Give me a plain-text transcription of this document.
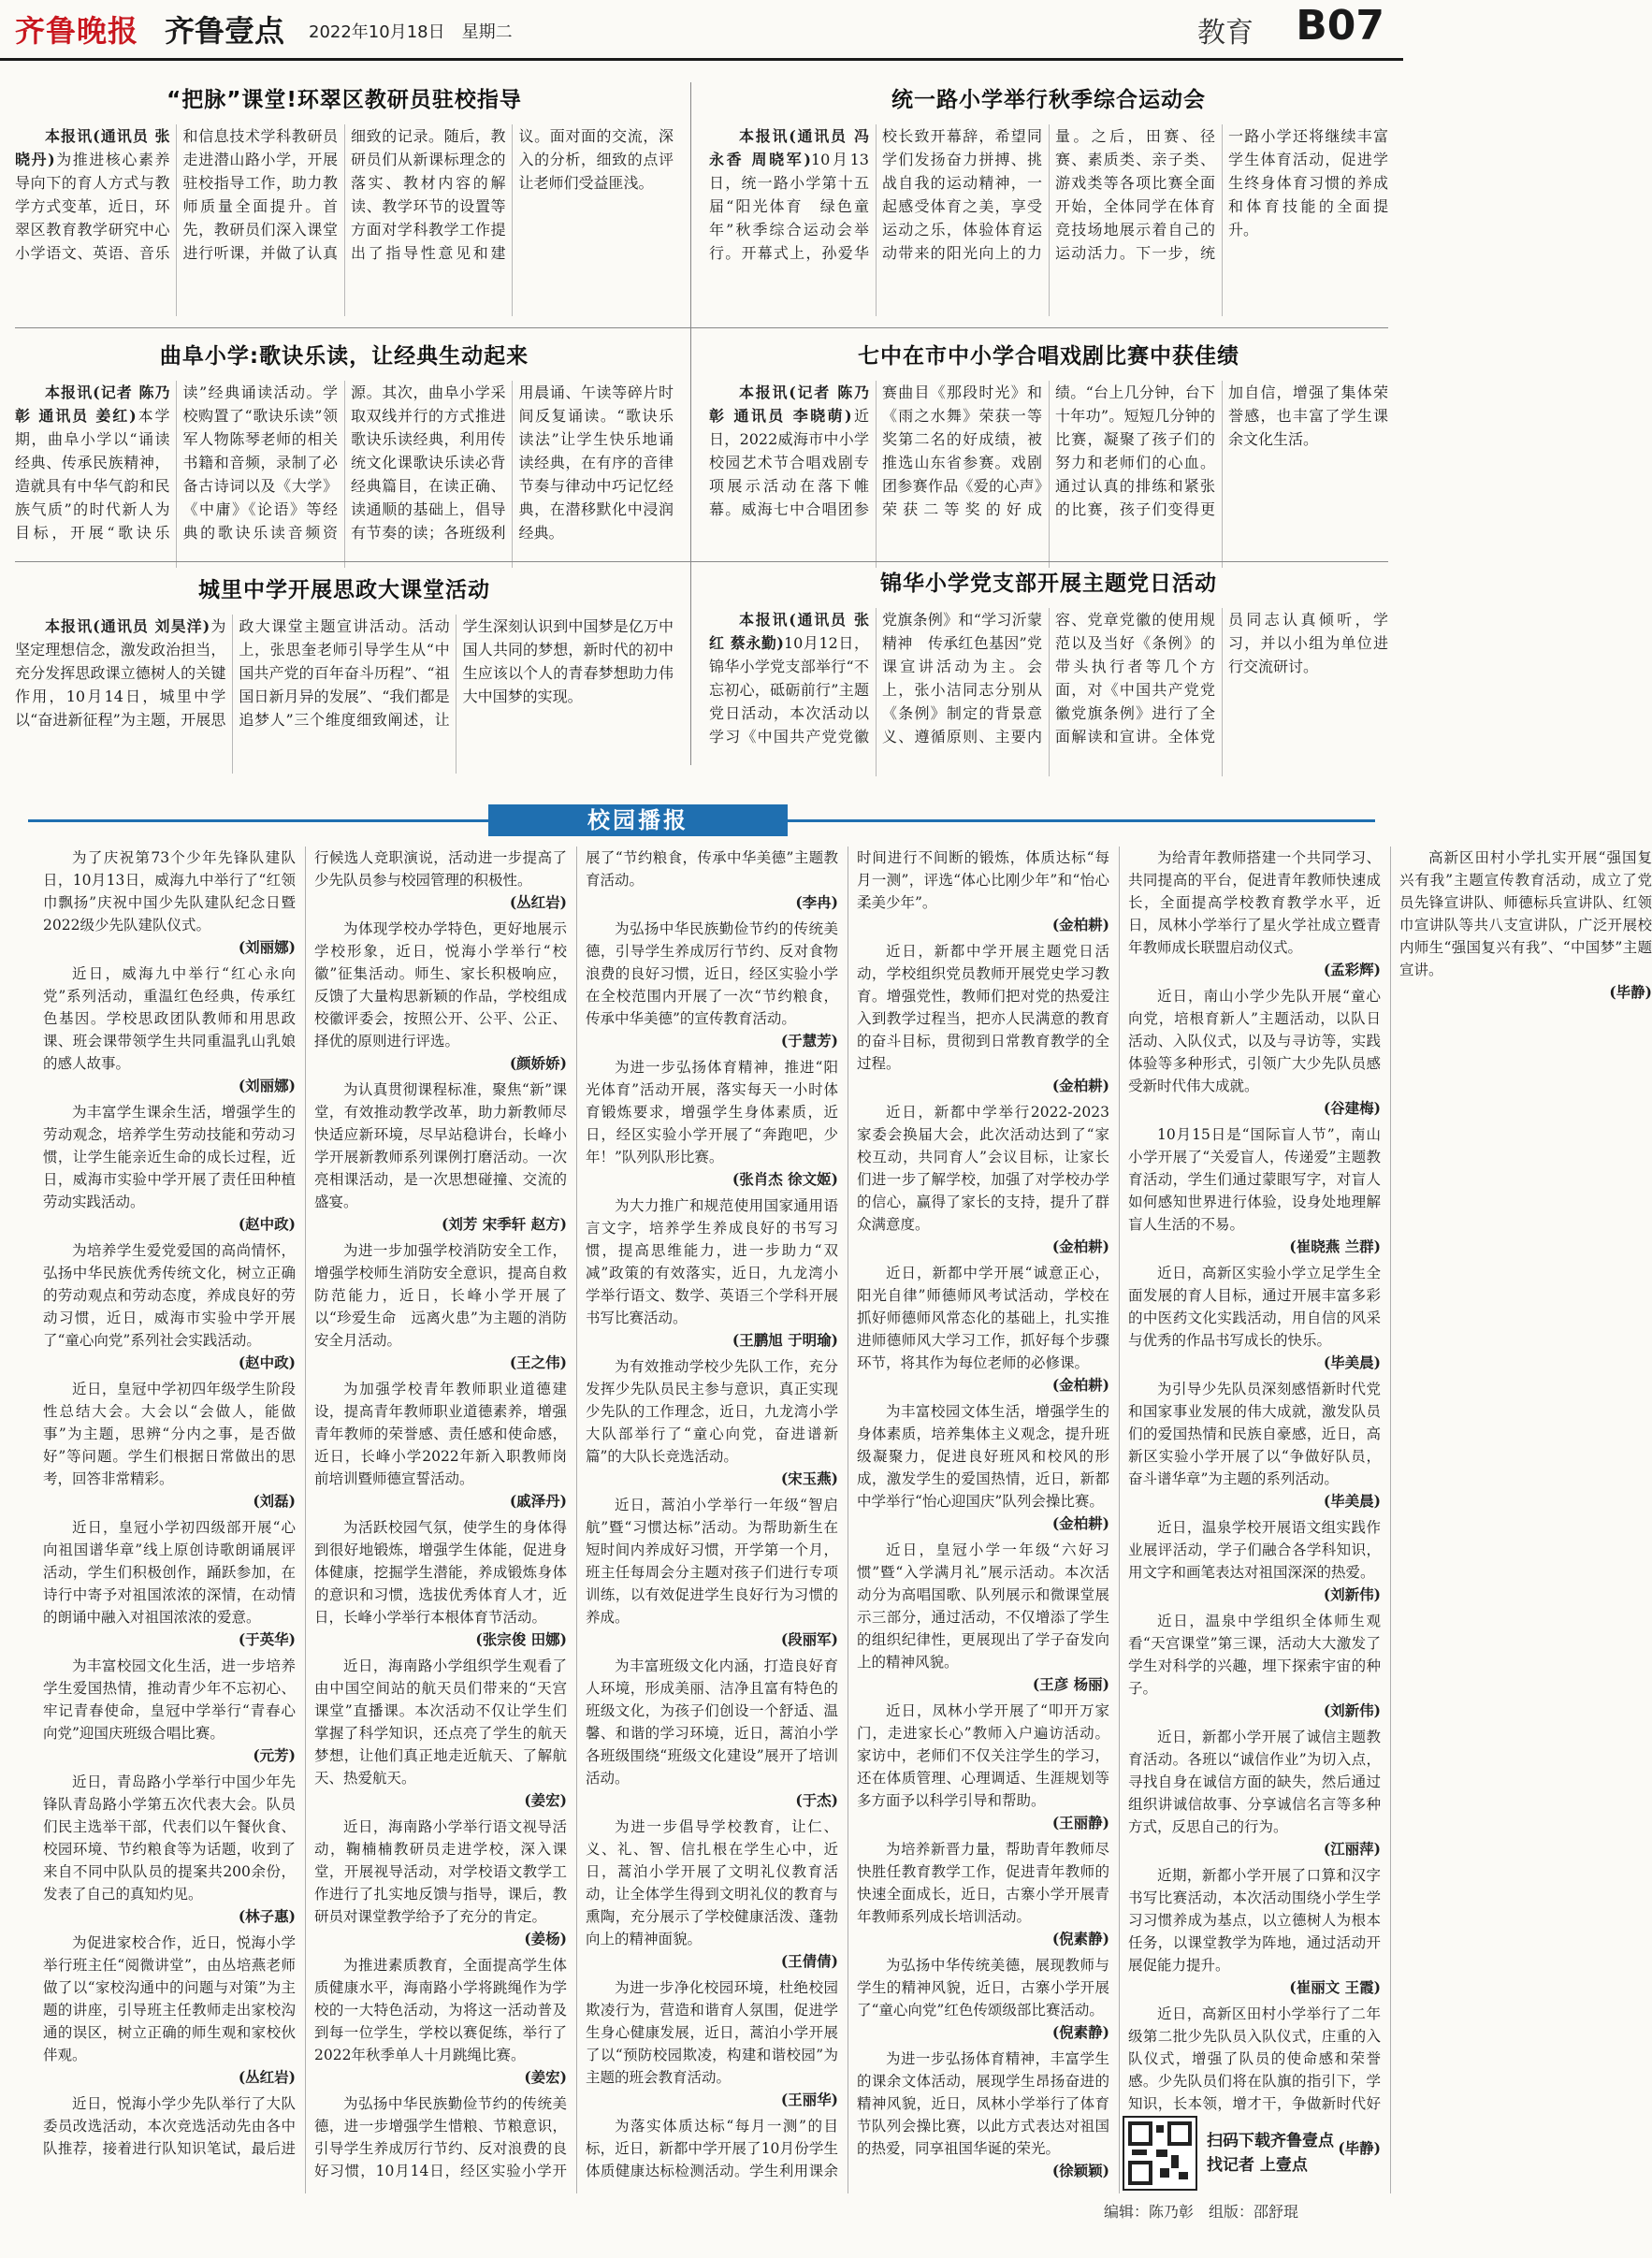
齐鲁晚报 齐鲁壹点 2022年10月18日　星期二	教育 B07
“把脉”课堂!环翠区教研员驻校指导

本报讯(通讯员 张晓丹)为推进核心素养导向下的育人方式与教学方式变革，近日，环翠区教育教学研究中心小学语文、英语、音乐和信息技术学科教研员走进潜山路小学，开展驻校指导工作，助力教师质量全面提升。首先，教研员们深入课堂进行听课，并做了认真细致的记录。随后，教研员们从新课标理念的落实、教材内容的解读、教学环节的设置等方面对学科教学工作提出了指导性意见和建议。面对面的交流，深入的分析，细致的点评让老师们受益匪浅。

统一路小学举行秋季综合运动会

本报讯(通讯员 冯永香 周晓军)10月13日，统一路小学第十五届“阳光体育　绿色童年”秋季综合运动会举行。开幕式上，孙爱华校长致开幕辞，希望同学们发扬奋力拼搏、挑战自我的运动精神，一起感受体育之美，享受运动之乐，体验体育运动带来的阳光向上的力量。之后，田赛、径赛、素质类、亲子类、游戏类等各项比赛全面开始，全体同学在体育竞技场地展示着自己的运动活力。下一步，统一路小学还将继续丰富学生体育活动，促进学生终身体育习惯的养成和体育技能的全面提升。

曲阜小学:歌诀乐读，让经典生动起来

本报讯(记者 陈乃彰 通讯员 姜红)本学期，曲阜小学以“诵读经典、传承民族精神，造就具有中华气韵和民族气质”的时代新人为目标，开展“歌诀乐读”经典诵读活动。学校购置了“歌诀乐读”领军人物陈琴老师的相关书籍和音频，录制了必备古诗词以及《大学》《中庸》《论语》等经典的歌诀乐读音频资源。其次，曲阜小学采取双线并行的方式推进歌诀乐读经典，利用传统文化课歌诀乐读必背经典篇目，在读正确、读通顺的基础上，倡导有节奏的读；各班级利用晨诵、午读等碎片时间反复诵读。“歌诀乐读法”让学生快乐地诵读经典，在有序的音律节奏与律动中巧记忆经典，在潜移默化中浸润经典。

七中在市中小学合唱戏剧比赛中获佳绩

本报讯(记者 陈乃彰 通讯员 李晓萌)近日，2022威海市中小学校园艺术节合唱戏剧专项展示活动在落下帷幕。威海七中合唱团参赛曲目《那段时光》和《雨之水舞》荣获一等奖第二名的好成绩，被推选山东省参赛。戏剧团参赛作品《爱的心声》荣获二等奖的好成绩。“台上几分钟，台下十年功”。短短几分钟的比赛，凝聚了孩子们的努力和老师们的心血。通过认真的排练和紧张的比赛，孩子们变得更加自信，增强了集体荣誉感，也丰富了学生课余文化生活。

城里中学开展思政大课堂活动

本报讯(通讯员 刘昊洋)为坚定理想信念，激发政治担当，充分发挥思政课立德树人的关键作用，10月14日，城里中学以“奋进新征程”为主题，开展思政大课堂主题宣讲活动。活动上，张思奎老师引导学生从“中国共产党的百年奋斗历程”、“祖国日新月异的发展”、“我们都是追梦人”三个维度细致阐述，让学生深刻认识到中国梦是亿万中国人共同的梦想，新时代的初中生应该以个人的青春梦想助力伟大中国梦的实现。

锦华小学党支部开展主题党日活动

本报讯(通讯员 张红 蔡永勤)10月12日，锦华小学党支部举行“不忘初心，砥砺前行”主题党日活动，本次活动以学习《中国共产党党徽党旗条例》和“学习沂蒙精神　传承红色基因”党课宣讲活动为主。会上，张小洁同志分别从《条例》制定的背景意义、遵循原则、主要内容、党章党徽的使用规范以及当好《条例》的带头执行者等几个方面，对《中国共产党党徽党旗条例》进行了全面解读和宣讲。全体党员同志认真倾听，学习，并以小组为单位进行交流研讨。

校园播报

为了庆祝第73个少年先锋队建队日，10月13日，威海九中举行了“红领巾飘扬”庆祝中国少先队建队纪念日暨2022级少先队建队仪式。

(刘丽娜)

近日，威海九中举行“红心永向党”系列活动，重温红色经典，传承红色基因。学校思政团队教师和用思政课、班会课带领学生共同重温乳山乳娘的感人故事。

(刘丽娜)

为丰富学生课余生活，增强学生的劳动观念，培养学生劳动技能和劳动习惯，让学生能亲近生命的成长过程，近日，威海市实验中学开展了责任田种植劳动实践活动。

(赵中政)

为培养学生爱党爱国的高尚情怀，弘扬中华民族优秀传统文化，树立正确的劳动观点和劳动态度，养成良好的劳动习惯，近日，威海市实验中学开展了“童心向党”系列社会实践活动。

(赵中政)

近日，皇冠中学初四年级学生阶段性总结大会。大会以“会做人，能做事”为主题，思辨“分内之事，是否做好”等问题。学生们根据日常做出的思考，回答非常精彩。

(刘磊)

近日，皇冠小学初四级部开展“心向祖国谱华章”线上原创诗歌朗诵展评活动，学生们积极创作，踊跃参加，在诗行中寄予对祖国浓浓的深情，在动情的朗诵中融入对祖国浓浓的爱意。

(于英华)

为丰富校园文化生活，进一步培养学生爱国热情，推动青少年不忘初心、牢记青春使命，皇冠中学举行“青春心向党”迎国庆班级合唱比赛。

(元芳)

近日，青岛路小学举行中国少年先锋队青岛路小学第五次代表大会。队员们民主选举干部，代表们以午餐伙食、校园环境、节约粮食等为话题，收到了来自不同中队队员的提案共200余份，发表了自己的真知灼见。

(林子惠)

为促进家校合作，近日，悦海小学举行班主任“阅微讲堂”，由丛培燕老师做了以“家校沟通中的问题与对策”为主题的讲座，引导班主任教师走出家校沟通的误区，树立正确的师生观和家校伙伴观。

(丛红岩)

近日，悦海小学少先队举行了大队委员改选活动，本次竞选活动先由各中队推荐，接着进行队知识笔试，最后进行候选人竞职演说，活动进一步提高了少先队员参与校园管理的积极性。

(丛红岩)

为体现学校办学特色，更好地展示学校形象，近日，悦海小学举行“校徽”征集活动。师生、家长积极响应，反馈了大量构思新颖的作品，学校组成校徽评委会，按照公开、公平、公正、择优的原则进行评选。

(颜娇娇)

为认真贯彻课程标准，聚焦“新”课堂，有效推动教学改革，助力新教师尽快适应新环境，尽早站稳讲台，长峰小学开展新教师系列课例打磨活动。一次亮相课活动，是一次思想碰撞、交流的盛宴。

(刘芳 宋季轩 赵方)

为进一步加强学校消防安全工作，增强学校师生消防安全意识，提高自救防范能力，近日，长峰小学开展了以“珍爱生命　远离火患”为主题的消防安全月活动。

(王之伟)

为加强学校青年教师职业道德建设，提高青年教师职业道德素养，增强青年教师的荣誉感、责任感和使命感，近日，长峰小学2022年新入职教师岗前培训暨师德宣誓活动。

(戚泽丹)

为活跃校园气氛，使学生的身体得到很好地锻炼，增强学生体能，促进身体健康，挖掘学生潜能，养成锻炼身体的意识和习惯，选拔优秀体育人才，近日，长峰小学举行本根体育节活动。

(张宗俊 田娜)

近日，海南路小学组织学生观看了由中国空间站的航天员们带来的“天宫课堂”直播课。本次活动不仅让学生们掌握了科学知识，还点亮了学生的航天梦想，让他们真正地走近航天、了解航天、热爱航天。

(姜宏)

近日，海南路小学举行语文视导活动，鞠楠楠教研员走进学校，深入课堂，开展视导活动，对学校语文教学工作进行了扎实地反馈与指导，课后，教研员对课堂教学给予了充分的肯定。

(姜杨)

为推进素质教育，全面提高学生体质健康水平，海南路小学将跳绳作为学校的一大特色活动，为将这一活动普及到每一位学生，学校以赛促练，举行了2022年秋季单人十月跳绳比赛。

(姜宏)

为弘扬中华民族勤俭节约的传统美德，进一步增强学生惜粮、节粮意识，引导学生养成厉行节约、反对浪费的良好习惯，10月14日，经区实验小学开展了“节约粮食，传承中华美德”主题教育活动。

(李冉)

为弘扬中华民族勤俭节约的传统美德，引导学生养成厉行节约、反对食物浪费的良好习惯，近日，经区实验小学在全校范围内开展了一次“节约粮食，传承中华美德”的宣传教育活动。

(于慧芳)

为进一步弘扬体育精神，推进“阳光体育”活动开展，落实每天一小时体育锻炼要求，增强学生身体素质，近日，经区实验小学开展了“奔跑吧，少年！”队列队形比赛。

(张肖杰 徐文姬)

为大力推广和规范使用国家通用语言文字，培养学生养成良好的书写习惯，提高思维能力，进一步助力“双减”政策的有效落实，近日，九龙湾小学举行语文、数学、英语三个学科开展书写比赛活动。

(王鹏旭 于明瑜)

为有效推动学校少先队工作，充分发挥少先队员民主参与意识，真正实现少先队的工作理念，近日，九龙湾小学大队部举行了“童心向党，奋进谱新篇”的大队长竞选活动。

(宋玉燕)

近日，蒿泊小学举行一年级“智启航”暨“习惯达标”活动。为帮助新生在短时间内养成好习惯，开学第一个月，班主任每周会分主题对孩子们进行专项训练，以有效促进学生良好行为习惯的养成。

(段丽军)

为丰富班级文化内涵，打造良好育人环境，形成美丽、洁净且富有特色的班级文化，为孩子们创设一个舒适、温馨、和谐的学习环境，近日，蒿泊小学各班级围绕“班级文化建设”展开了培训活动。

(于杰)

为进一步倡导学校教育，让仁、义、礼、智、信扎根在学生心中，近日，蒿泊小学开展了文明礼仪教育活动，让全体学生得到文明礼仪的教育与熏陶，充分展示了学校健康活泼、蓬勃向上的精神面貌。

(王倩倩)

为进一步净化校园环境，杜绝校园欺凌行为，营造和谐育人氛围，促进学生身心健康发展，近日，蒿泊小学开展了以“预防校园欺凌，构建和谐校园”为主题的班会教育活动。

(王丽华)

为落实体质达标“每月一测”的目标，近日，新都中学开展了10月份学生体质健康达标检测活动。学生利用课余时间进行不间断的锻炼，体质达标“每月一测”，评选“体心比刚少年”和“怡心柔美少年”。

(金柏耕)

近日，新都中学开展主题党日活动，学校组织党员教师开展党史学习教育。增强党性，教师们把对党的热爱注入到教学过程当，把亦人民满意的教育的奋斗目标，贯彻到日常教育教学的全过程。

(金柏耕)

近日，新都中学举行2022-2023家委会换届大会，此次活动达到了“家校互动，共同育人”会议目标，让家长们进一步了解学校，加强了对学校办学的信心，赢得了家长的支持，提升了群众满意度。

(金柏耕)

近日，新都中学开展“诚意正心，阳光自律”师德师风考试活动，学校在抓好师德师风常态化的基础上，扎实推进师德师风大学习工作，抓好每个步骤环节，将其作为每位老师的必修课。

(金柏耕)

为丰富校园文体生活，增强学生的身体素质，培养集体主义观念，提升班级凝聚力，促进良好班风和校风的形成，激发学生的爱国热情，近日，新都中学举行“怡心迎国庆”队列会操比赛。

(金柏耕)

近日，皇冠小学一年级“六好习惯”暨“入学满月礼”展示活动。本次活动分为高唱国歌、队列展示和微课堂展示三部分，通过活动，不仅增添了学生的组织纪律性，更展现出了学子奋发向上的精神风貌。

(王彦 杨丽)

近日，凤林小学开展了“叩开万家门，走进家长心”教师入户遍访活动。家访中，老师们不仅关注学生的学习，还在体质管理、心理调适、生涯规划等多方面予以科学引导和帮助。

(王丽静)

为培养新晋力量，帮助青年教师尽快胜任教育教学工作，促进青年教师的快速全面成长，近日，古寨小学开展青年教师系列成长培训活动。

(倪素静)

为弘扬中华传统美德，展现教师与学生的精神风貌，近日，古寨小学开展了“童心向党”红色传颂级部比赛活动。

(倪素静)

为进一步弘扬体育精神，丰富学生的课余文体活动，展现学生昂扬奋进的精神风貌，近日，凤林小学举行了体育节队列会操比赛，以此方式表达对祖国的热爱，同享祖国华诞的荣光。

(徐颖颖)

为给青年教师搭建一个共同学习、共同提高的平台，促进青年教师快速成长，全面提高学校教育教学水平，近日，凤林小学举行了星火学社成立暨青年教师成长联盟启动仪式。

(孟彩辉)

近日，南山小学少先队开展“童心向党，培根育新人”主题活动，以队日活动、入队仪式，以及与寻访等，实践体验等多种形式，引领广大少先队员感受新时代伟大成就。

(谷建梅)

10月15日是“国际盲人节”，南山小学开展了“关爱盲人，传递爱”主题教育活动，学生们通过蒙眼写字，对盲人如何感知世界进行体验，设身处地理解盲人生活的不易。

(崔晓燕 兰群)

近日，高新区实验小学立足学生全面发展的育人目标，通过开展丰富多彩的中医药文化实践活动，用自信的风采与优秀的作品书写成长的快乐。

(毕美晨)

为引导少先队员深刻感悟新时代党和国家事业发展的伟大成就，激发队员们的爱国热情和民族自豪感，近日，高新区实验小学开展了以“争做好队员，奋斗谱华章”为主题的系列活动。

(毕美晨)

近日，温泉学校开展语文组实践作业展评活动，学子们融合各学科知识，用文字和画笔表达对祖国深深的热爱。

(刘新伟)

近日，温泉中学组织全体师生观看“天宫课堂”第三课，活动大大激发了学生对科学的兴趣，埋下探索宇宙的种子。

(刘新伟)

近日，新都小学开展了诚信主题教育活动。各班以“诚信作业”为切入点，寻找自身在诚信方面的缺失，然后通过组织讲诚信故事、分享诚信名言等多种方式，反思自己的行为。

(江丽萍)

近期，新都小学开展了口算和汉字书写比赛活动，本次活动围绕小学生学习习惯养成为基点，以立德树人为根本任务，以课堂教学为阵地，通过活动开展促能力提升。

(崔丽文 王霞)

近日，高新区田村小学举行了二年级第二批少先队员入队仪式，庄重的入队仪式，增强了队员的使命感和荣誉感。少先队员们将在队旗的指引下，学知识，长本领，增才干，争做新时代好

(毕静)

高新区田村小学扎实开展“强国复兴有我”主题宣传教育活动，成立了党员先锋宣讲队、师德标兵宣讲队、红领巾宣讲队等共八支宣讲队，广泛开展校内师生“强国复兴有我”、“中国梦”主题宣讲。

(毕静)

扫码下载齐鲁壹点
找记者 上壹点
编辑：陈乃彰　组版：邵舒琨
